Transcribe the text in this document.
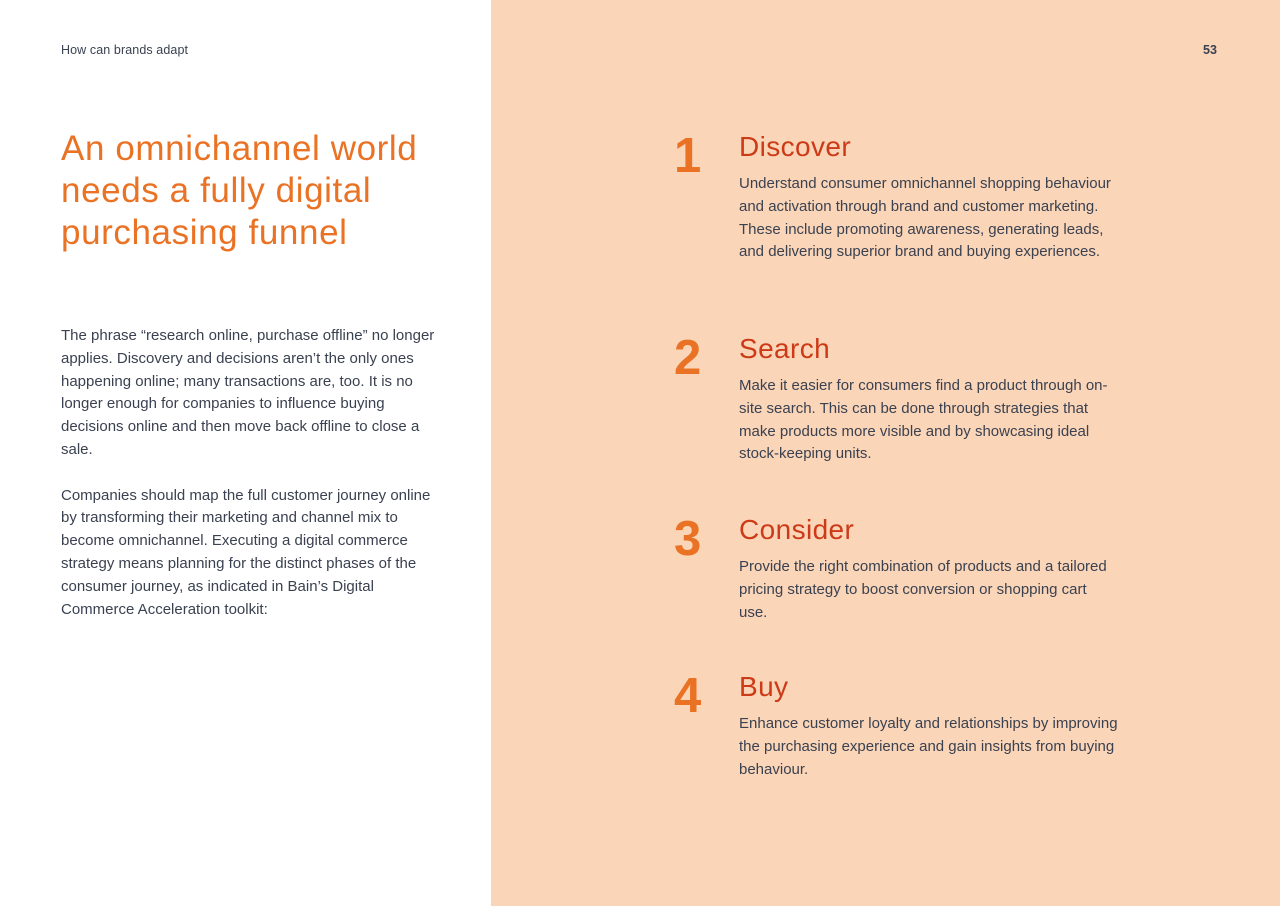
How can brands adapt	53
An omnichannel world needs a fully digital purchasing funnel

The phrase “research online, purchase offline” no longer applies. Discovery and decisions aren’t the only ones happening online; many transactions are, too. It is no longer enough for companies to influence buying decisions online and then move back offline to close a sale.

Companies should map the full customer journey online by transforming their marketing and channel mix to become omnichannel. Executing a digital commerce strategy means planning for the distinct phases of the consumer journey, as indicated in Bain’s Digital Commerce Acceleration toolkit:

1 Discover
Understand consumer omnichannel shopping behaviour and activation through brand and customer marketing. These include promoting awareness, generating leads, and delivering superior brand and buying experiences.
2 Search
Make it easier for consumers find a product through on-site search. This can be done through strategies that make products more visible and by showcasing ideal stock-keeping units.
3 Consider
Provide the right combination of products and a tailored pricing strategy to boost conversion or shopping cart use.
4 Buy
Enhance customer loyalty and relationships by improving the purchasing experience and gain insights from buying behaviour.
